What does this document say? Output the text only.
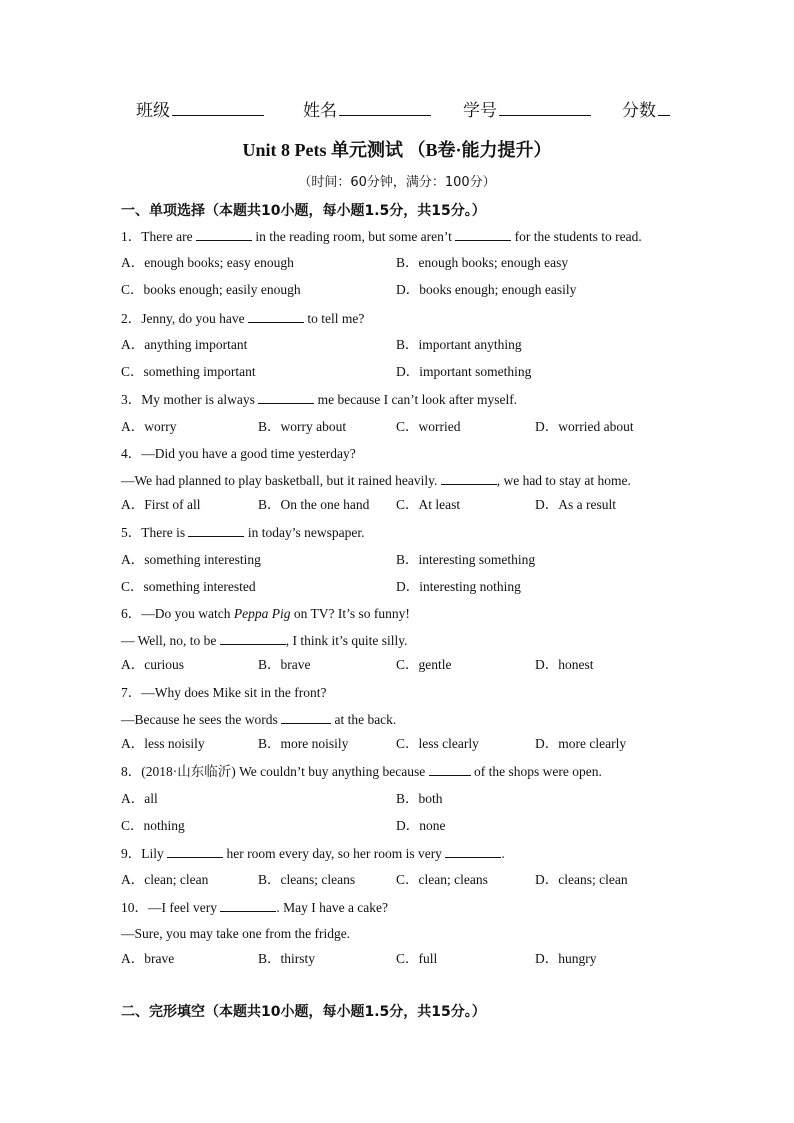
班级	姓名	学号	分数
Unit 8 Pets 单元测试 （B卷·能力提升）
（时间：60分钟，满分：100分）
一、单项选择（本题共10小题，每小题1.5分，共15分。）
1．There are	in the reading room, but some aren’t	for the students to read.
A．enough books; easy enough	B．enough books; enough easy
C．books enough; easily enough	D．books enough; enough easily
2．Jenny, do you have	to tell me?
A．anything important	B．important anything
C．something important	D．important something
3．My mother is always	me because I can’t look after myself.
A．worry	B．worry about	C．worried	D．worried about
4．—Did you have a good time yesterday?
—We had planned to play basketball, but it rained heavily.	, we had to stay at home.
A．First of all	B．On the one hand C．At least	D．As a result
5．There is	in today’s newspaper.
A．something interesting	B．interesting something
C．something interested	D．interesting nothing
6．—Do you watch Peppa Pig on TV? It’s so funny!
— Well, no, to be	, I think it’s quite silly.
A．curious	B．brave	C．gentle	D．honest
7．—Why does Mike sit in the front?
—Because he sees the words	at the back.
A．less noisily	B．more noisily	C．less clearly	D．more clearly
8．(2018·山东临沂) We couldn’t buy anything because	of the shops were open.
A．all	B．both
C．nothing	D．none
9．Lily	her room every day, so her room is very	.
A．clean; clean	B．cleans; cleans	C．clean; cleans	D．cleans; clean
10．—I feel very	. May I have a cake?
—Sure, you may take one from the fridge.
A．brave	B．thirsty	C．full	D．hungry
二、完形填空（本题共10小题，每小题1.5分，共15分。）
